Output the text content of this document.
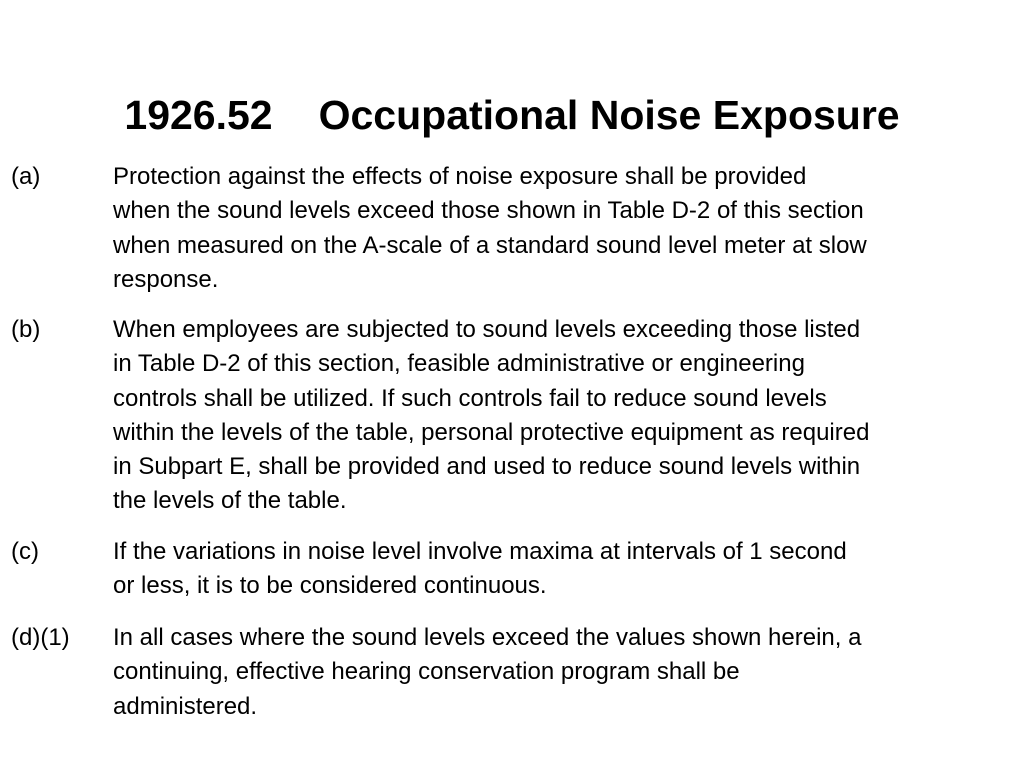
1926.52 Occupational Noise Exposure
(a)	Protection against the effects of noise exposure shall be provided
when the sound levels exceed those shown in Table D-2 of this section
when measured on the A-scale of a standard sound level meter at slow
response.
(b)	When employees are subjected to sound levels exceeding those listed
in Table D-2 of this section, feasible administrative or engineering
controls shall be utilized. If such controls fail to reduce sound levels
within the levels of the table, personal protective equipment as required
in Subpart E, shall be provided and used to reduce sound levels within
the levels of the table.
(c)	If the variations in noise level involve maxima at intervals of 1 second
or less, it is to be considered continuous.
(d)(1) In all cases where the sound levels exceed the values shown herein, a
continuing, effective hearing conservation program shall be
administered.
